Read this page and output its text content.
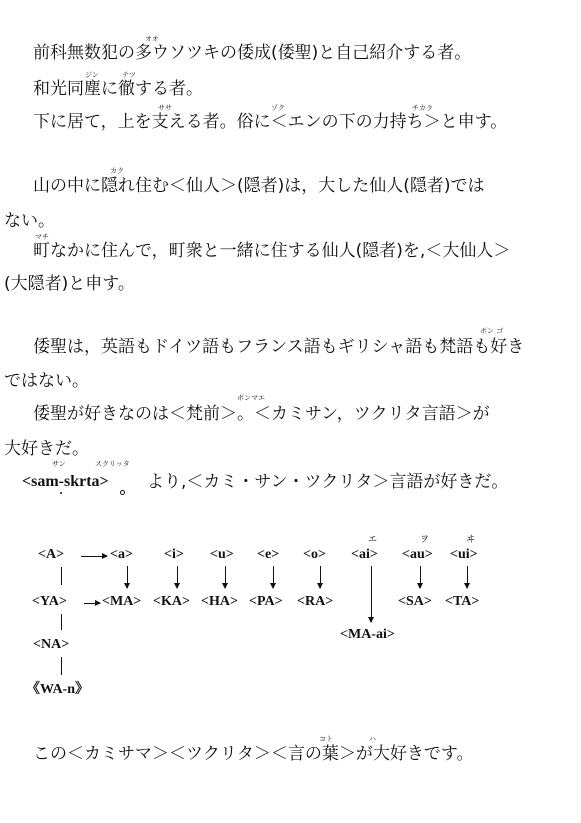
オオ
前科無数犯の多ウソツキの倭成(倭聖)と自己紹介する者。
ジン	テツ
和光同塵に徹する者。
ササ	ゾク	チカラ
下に居て，上を支える者。俗に＜エンの下の力持ち＞と申す。
カク
山の中に隠れ住む＜仙人＞(隠者)は，大した仙人(隠者)では
ない。
マチ
町なかに住んで，町衆と一緒に住する仙人(隠者)を,＜大仙人＞
(大隠者)と申す。
ボン ゴ
倭聖は，英語もドイツ語もフランス語もギリシャ語も梵語も好き
ではない。
ボンマエ
倭聖が好きなのは＜梵前＞。＜カミサン，ツクリタ言語＞が
大好きだ。
サン	スクリッタ
<sam-skrta> より,＜カミ・サン・ツクリタ＞言語が好きだ。
エ	ヲ	ヰ
<A>	<a> <i> <u> <e> <o> <ai> <au> <ui>
<YA>	<MA> <KA> <HA> <PA> <RA>	<SA> <TA>
<MA-ai>
<NA>
《WA-n》
コト	ハ
この＜カミサマ＞＜ツクリタ＞＜言の葉＞が大好きです。
